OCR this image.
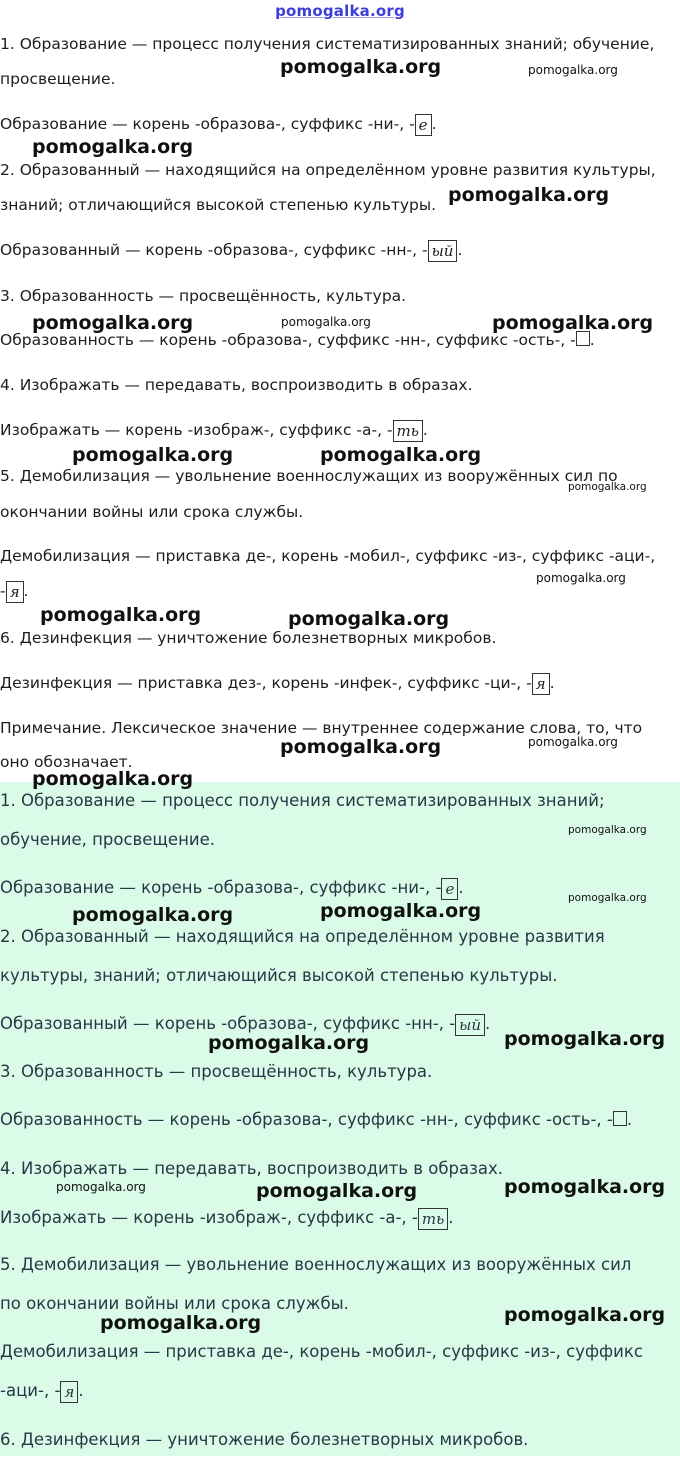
pomogalka.org

1. Образование — процесс получения систематизированных знаний; обучение,

просвещение.

Образование — корень -образова-, суффикс -ни-, - е .

2. Образованный — находящийся на определённом уровне развития культуры,

знаний; отличающийся высокой степенью культуры.

Образованный — корень -образова-, суффикс -нн-, - ый .

3. Образованность — просвещённость, культура.

Образованность — корень -образова-, суффикс -нн-, суффикс -ость-, - .

4. Изображать — передавать, воспроизводить в образах.

Изображать — корень -изображ-, суффикс -а-, - ть .

5. Демобилизация — увольнение военнослужащих из вооружённых сил по

окончании войны или срока службы.

Демобилизация — приставка де-, корень -мобил-, суффикс -из-, суффикс -аци-,

- я .

6. Дезинфекция — уничтожение болезнетворных микробов.

Дезинфекция — приставка дез-, корень -инфек-, суффикс -ци-, - я .

Примечание. Лексическое значение — внутреннее содержание слова, то, что

оно обозначает.

1. Образование — процесс получения систематизированных знаний;

обучение, просвещение.

Образование — корень -образова-, суффикс -ни-, - е .

2. Образованный — находящийся на определённом уровне развития

культуры, знаний; отличающийся высокой степенью культуры.

Образованный — корень -образова-, суффикс -нн-, - ый .

3. Образованность — просвещённость, культура.

Образованность — корень -образова-, суффикс -нн-, суффикс -ость-, - .

4. Изображать — передавать, воспроизводить в образах.

Изображать — корень -изображ-, суффикс -а-, - ть .

5. Демобилизация — увольнение военнослужащих из вооружённых сил

по окончании войны или срока службы.

Демобилизация — приставка де-, корень -мобил-, суффикс -из-, суффикс

-аци-, - я .

6. Дезинфекция — уничтожение болезнетворных микробов.

pomogalka.org	pomogalka.org
pomogalka.org
pomogalka.org
pomogalka.org	pomogalka.org	pomogalka.org
pomogalka.org	pomogalka.org
pomogalka.org
pomogalka.org
pomogalka.org	pomogalka.org
pomogalka.org	pomogalka.org
pomogalka.org
pomogalka.org
pomogalka.org
pomogalka.org	pomogalka.org
pomogalka.org	pomogalka.org
pomogalka.org	pomogalka.org	pomogalka.org
pomogalka.org
pomogalka.org
